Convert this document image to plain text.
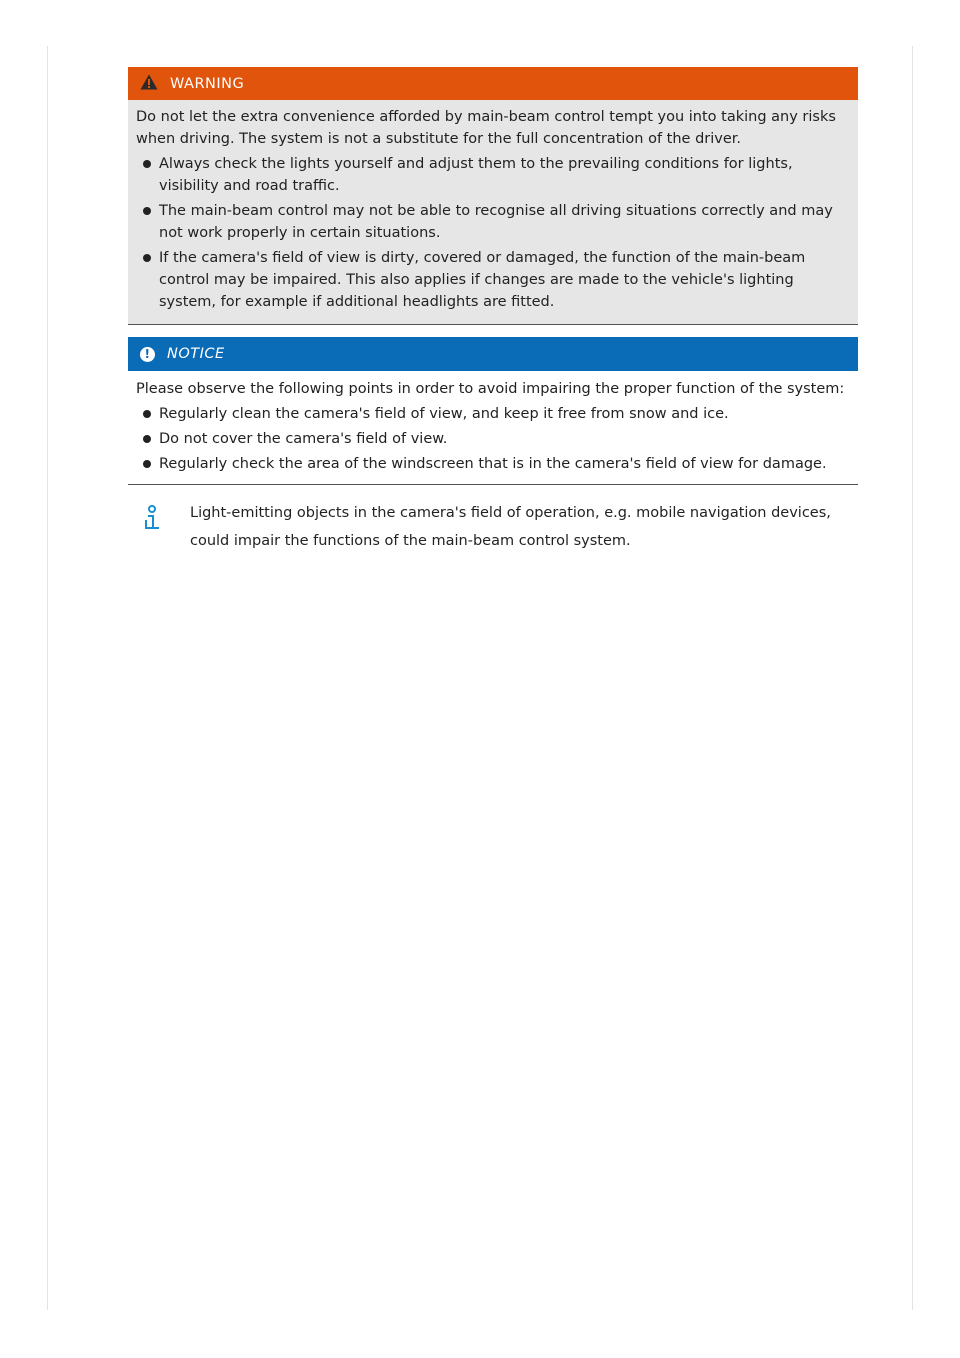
WARNING

Do not let the extra convenience afforded by main-beam control tempt you into taking any risks when driving. The system is not a substitute for the full concentration of the driver.

Always check the lights yourself and adjust them to the prevailing conditions for lights, visibility and road traffic.
The main-beam control may not be able to recognise all driving situations correctly and may not work properly in certain situations.
If the camera's field of view is dirty, covered or damaged, the function of the main-beam control may be impaired. This also applies if changes are made to the vehicle's lighting system, for example if additional headlights are fitted.
!	NOTICE

Please observe the following points in order to avoid impairing the proper function of the system:

Regularly clean the camera's field of view, and keep it free from snow and ice.
Do not cover the camera's field of view.
Regularly check the area of the windscreen that is in the camera's field of view for damage.
Light-emitting objects in the camera's field of operation, e.g. mobile navigation devices, could impair the functions of the main-beam control system.
